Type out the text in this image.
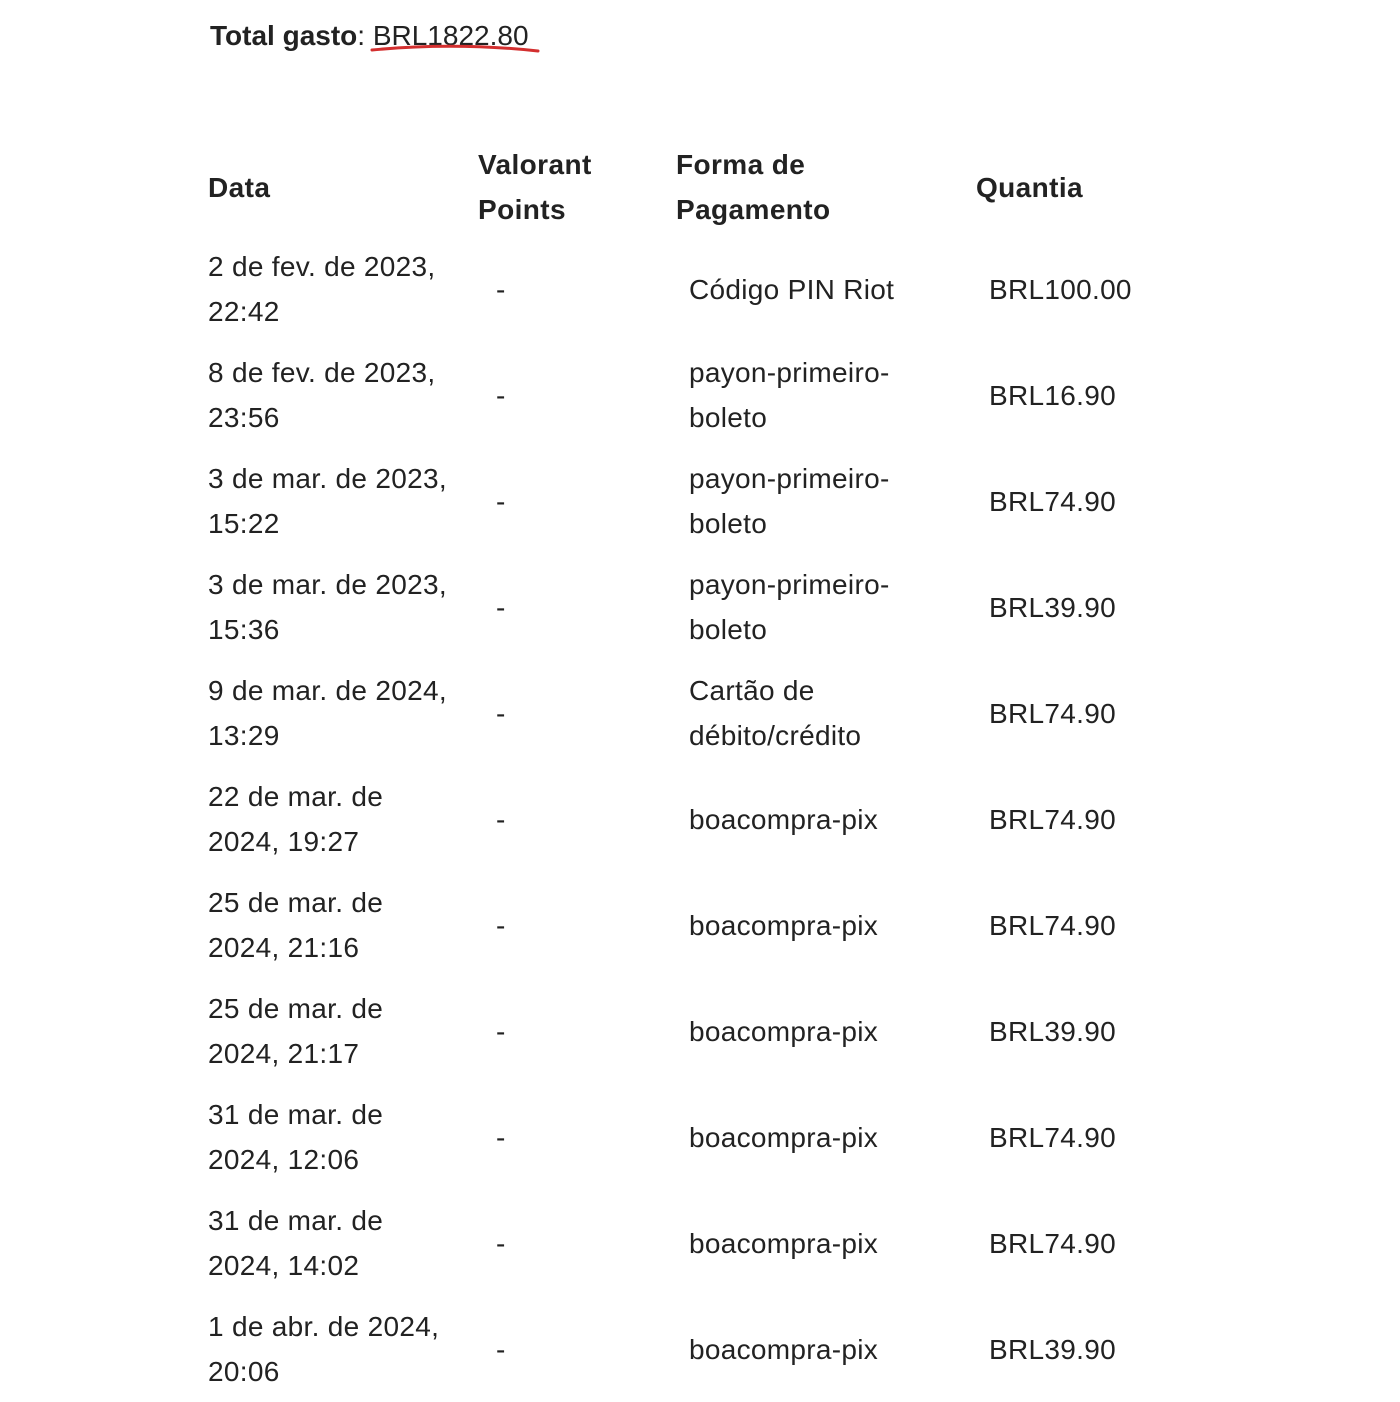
Total gasto: BRL1822.80
Data	Valorant Points	Forma de Pagamento	Quantia
2 de fev. de 2023, 22:42	-	Código PIN Riot	BRL100.00
8 de fev. de 2023, 23:56	-	payon-primeiro-boleto	BRL16.90
3 de mar. de 2023, 15:22	-	payon-primeiro-boleto	BRL74.90
3 de mar. de 2023, 15:36	-	payon-primeiro-boleto	BRL39.90
9 de mar. de 2024, 13:29	-	Cartão de débito/crédito	BRL74.90
22 de mar. de 2024, 19:27	-	boacompra-pix	BRL74.90
25 de mar. de 2024, 21:16	-	boacompra-pix	BRL74.90
25 de mar. de 2024, 21:17	-	boacompra-pix	BRL39.90
31 de mar. de 2024, 12:06	-	boacompra-pix	BRL74.90
31 de mar. de 2024, 14:02	-	boacompra-pix	BRL74.90
1 de abr. de 2024, 20:06	-	boacompra-pix	BRL39.90
